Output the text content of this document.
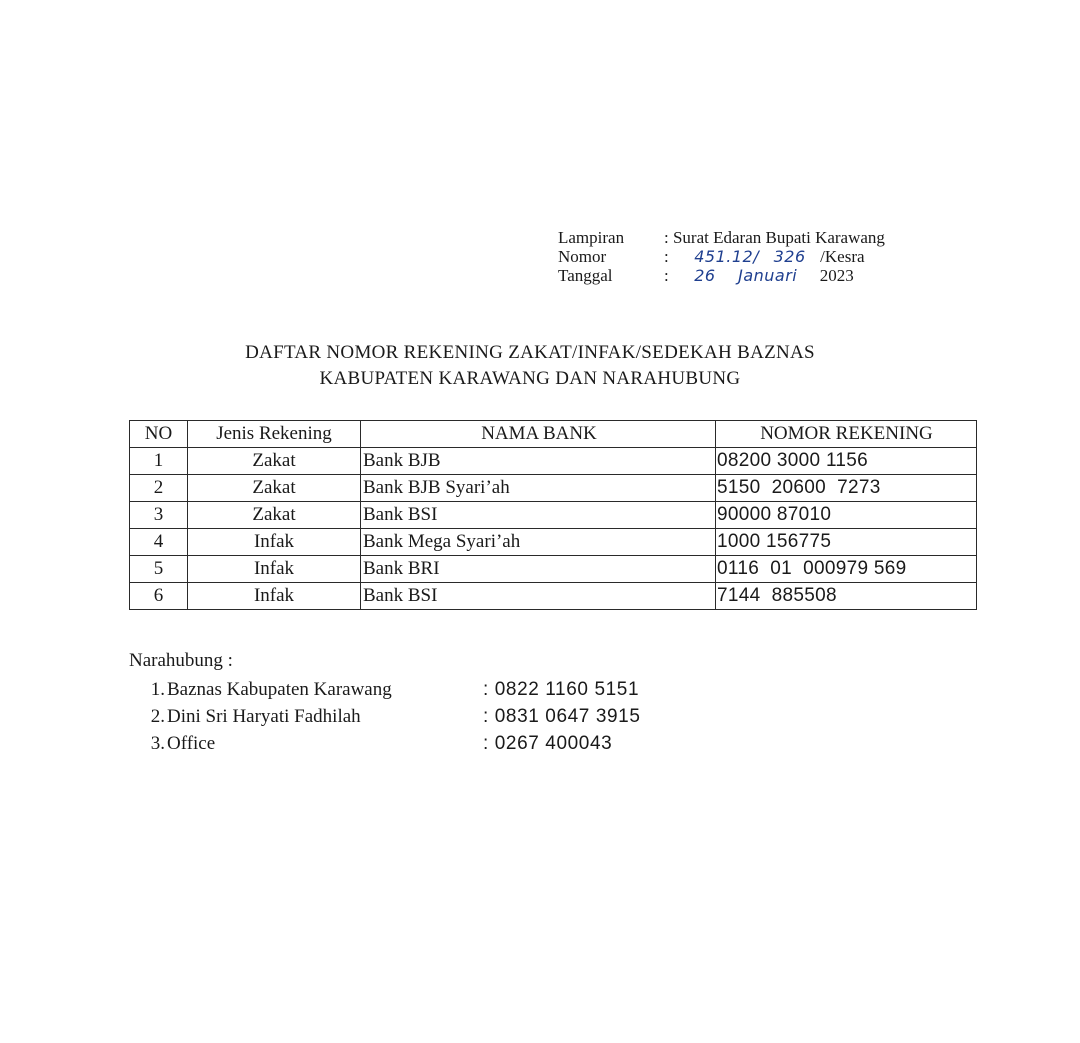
Lampiran	: Surat Edaran Bupati Karawang
Nomor	:	451.12/ 326 /Kesra
Tanggal	:	26 Januari 2023
DAFTAR NOMOR REKENING ZAKAT/INFAK/SEDEKAH BAZNAS
KABUPATEN KARAWANG DAN NARAHUBUNG
NO	Jenis Rekening	NAMA BANK	NOMOR REKENING
1	Zakat	Bank BJB	08200 3000 1156
2	Zakat	Bank BJB Syari’ah	5150  20600  7273
3	Zakat	Bank BSI	90000 87010
4	Infak	Bank Mega Syari’ah	1000 156775
5	Infak	Bank BRI	0116  01  000979 569
6	Infak	Bank BSI	7144  885508
Narahubung :
1. Baznas Kabupaten Karawang	: 0822 1160 5151
2. Dini Sri Haryati Fadhilah	: 0831 0647 3915
3. Office	: 0267 400043
